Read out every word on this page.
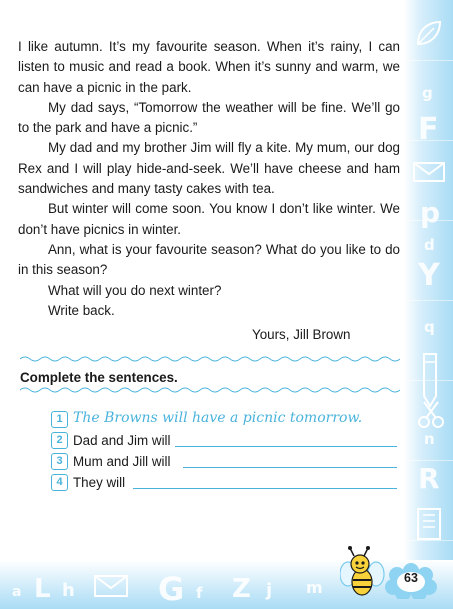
g
F
p
d
Y
q
n
R
a L h	G f Z j m

I like autumn. It’s my favourite season. When it’s rainy, I can listen to music and read a book. When it’s sunny and warm, we can have a picnic in the park.

My dad says, “Tomorrow the weather will be fine. We’ll go to the park and have a picnic.”

My dad and my brother Jim will fly a kite. My mum, our dog Rex and I will play hide-and-seek. We’ll have cheese and ham sandwiches and many tasty cakes with tea.

But winter will come soon. You know I don’t like winter. We don’t have picnics in winter.

Ann, what is your favourite season? What do you like to do in this season?

What will you do next winter?

Write back.

Yours, Jill Brown
Complete the sentences.
1 The Browns will have a picnic tomorrow.
2 Dad and Jim will
3 Mum and Jill will
4 They will
63
